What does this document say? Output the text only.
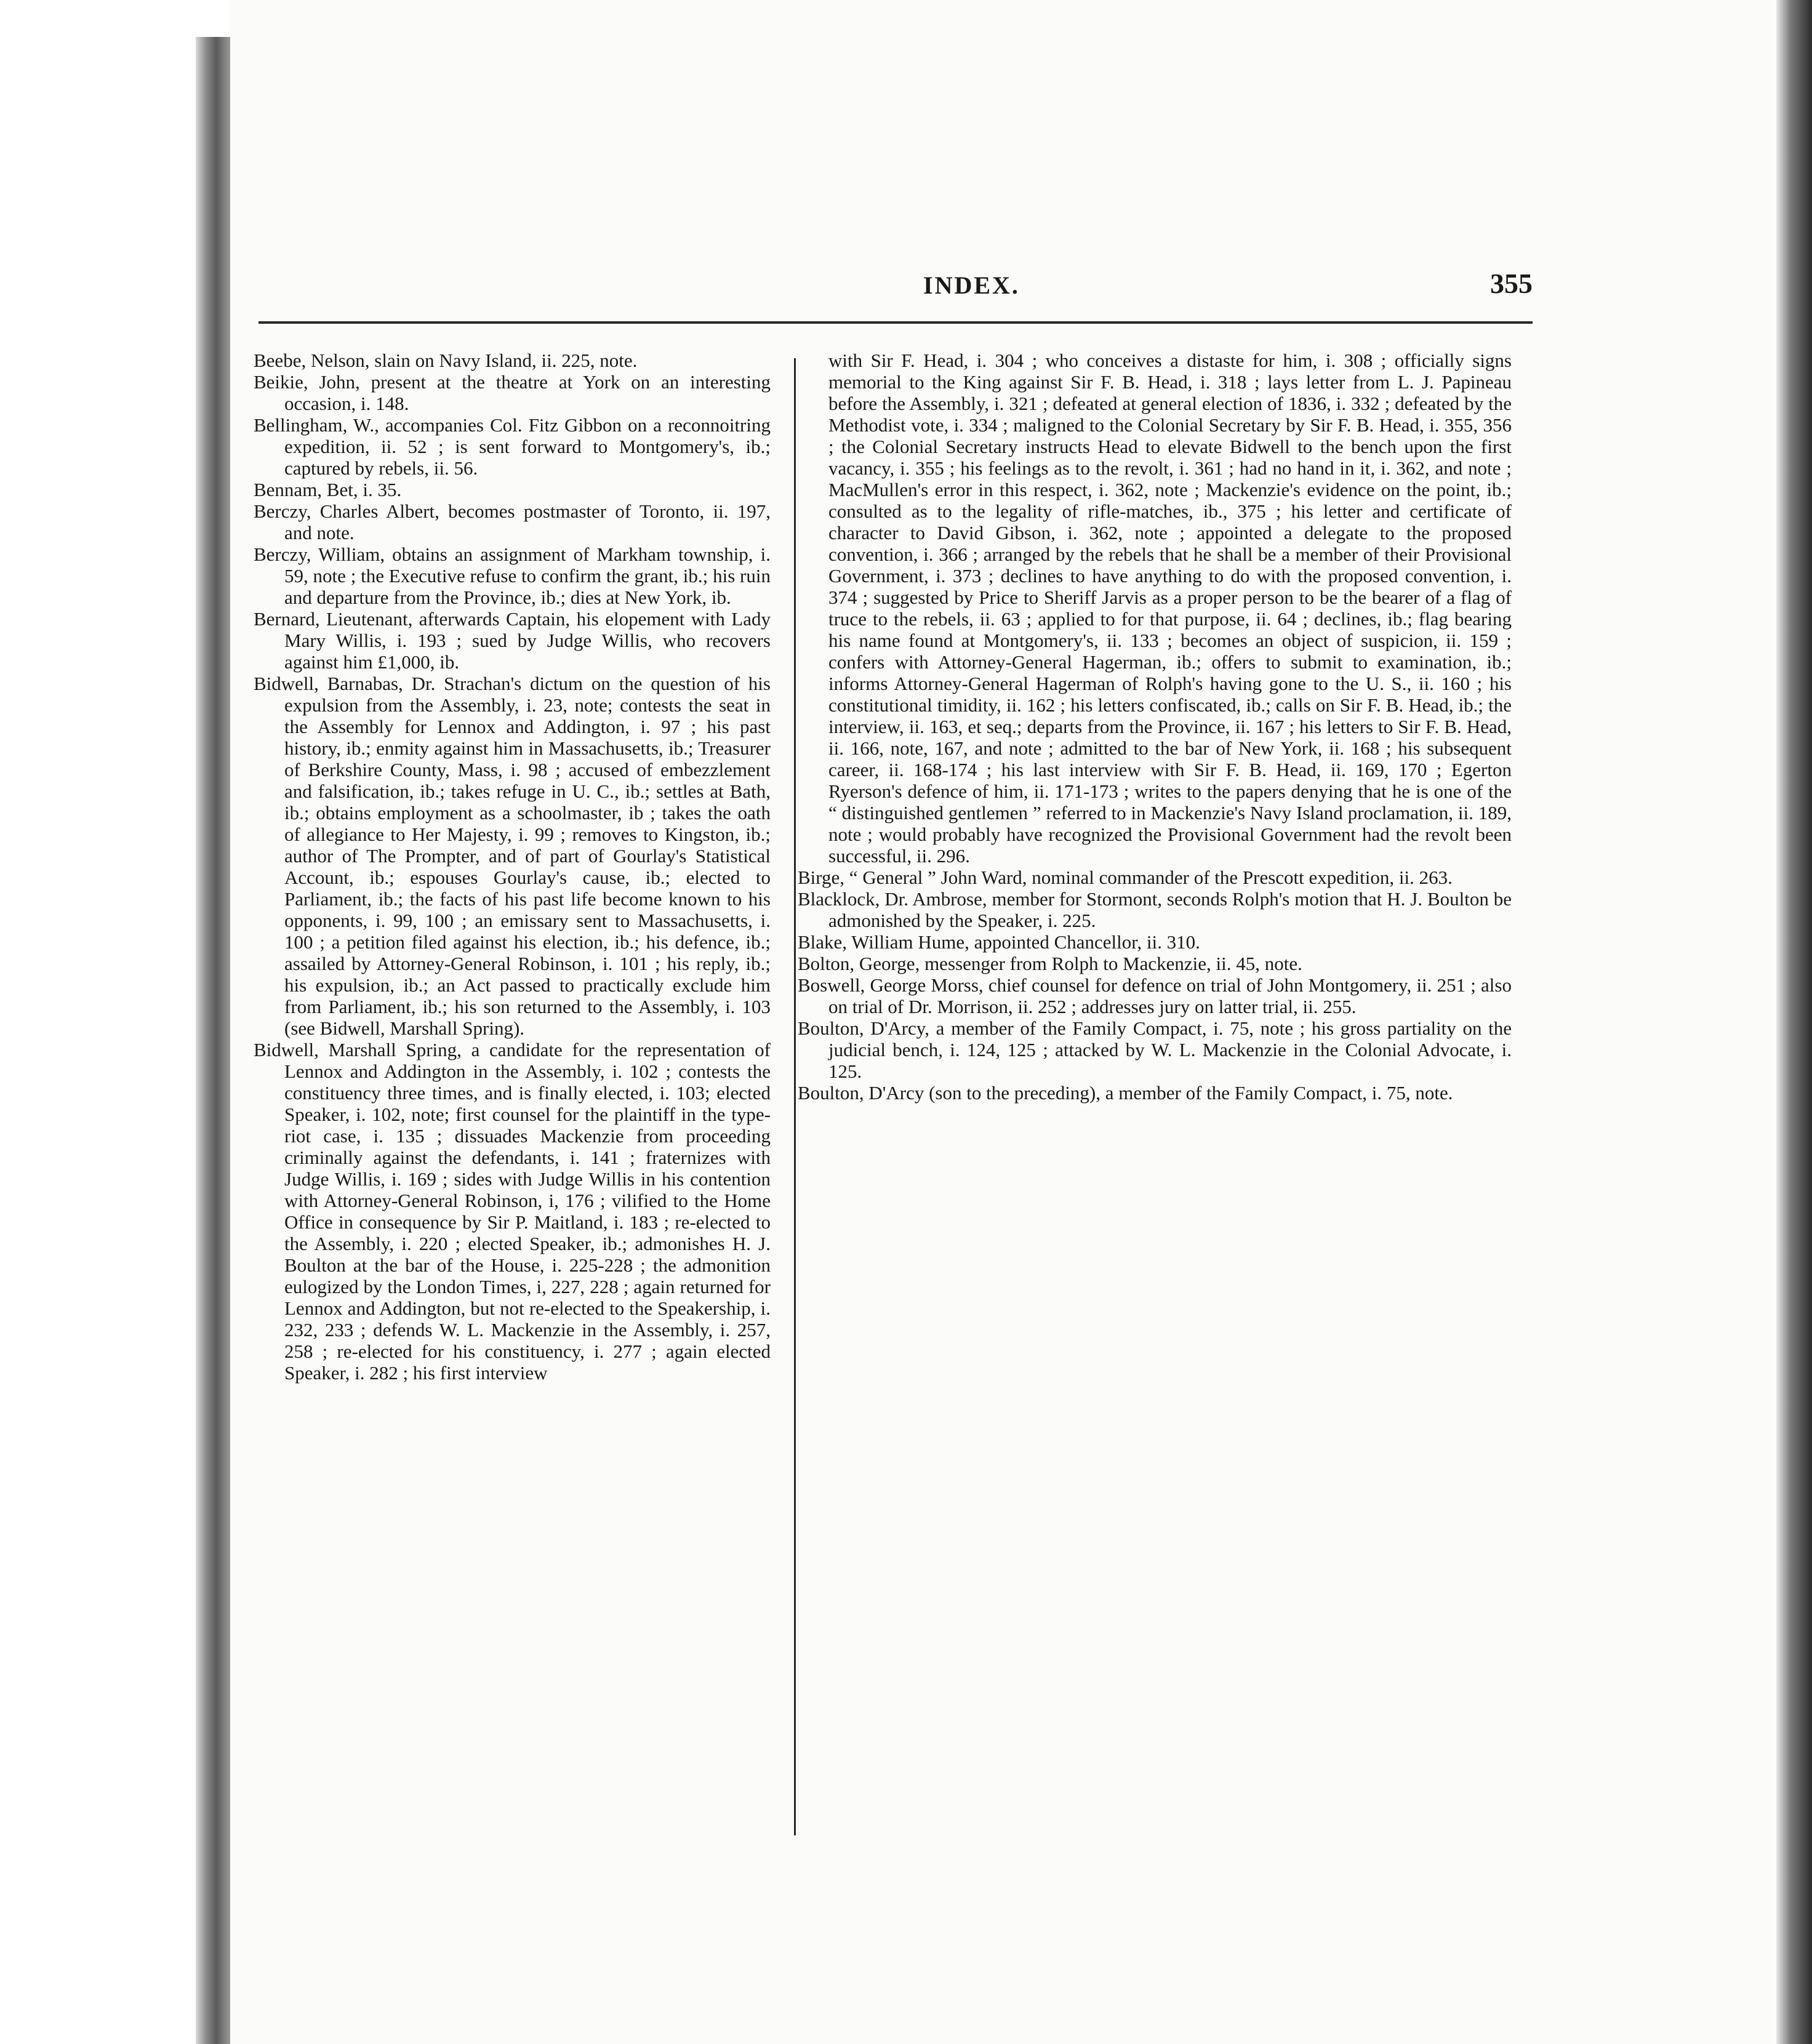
INDEX.	355

Beebe, Nelson, slain on Navy Island, ii. 225, note.

Beikie, John, present at the theatre at York on an interesting occasion, i. 148.

Bellingham, W., accompanies Col. Fitz Gibbon on a reconnoitring expedition, ii. 52 ; is sent forward to Montgomery's, ib.; captured by rebels, ii. 56.

Bennam, Bet, i. 35.

Berczy, Charles Albert, becomes postmaster of Toronto, ii. 197, and note.

Berczy, William, obtains an assignment of Markham township, i. 59, note ; the Executive refuse to confirm the grant, ib.; his ruin and departure from the Province, ib.; dies at New York, ib.

Bernard, Lieutenant, afterwards Captain, his elopement with Lady Mary Willis, i. 193 ; sued by Judge Willis, who recovers against him £1,000, ib.

Bidwell, Barnabas, Dr. Strachan's dictum on the question of his expulsion from the Assembly, i. 23, note; contests the seat in the Assembly for Lennox and Addington, i. 97 ; his past history, ib.; enmity against him in Massachusetts, ib.; Treasurer of Berkshire County, Mass, i. 98 ; accused of embezzlement and falsification, ib.; takes refuge in U. C., ib.; settles at Bath, ib.; obtains employment as a schoolmaster, ib ; takes the oath of allegiance to Her Majesty, i. 99 ; removes to Kingston, ib.; author of The Prompter, and of part of Gourlay's Statistical Account, ib.; espouses Gourlay's cause, ib.; elected to Parliament, ib.; the facts of his past life become known to his opponents, i. 99, 100 ; an emissary sent to Massachusetts, i. 100 ; a petition filed against his election, ib.; his defence, ib.; assailed by Attorney-General Robinson, i. 101 ; his reply, ib.; his expulsion, ib.; an Act passed to practically exclude him from Parliament, ib.; his son returned to the Assembly, i. 103 (see Bidwell, Marshall Spring).

Bidwell, Marshall Spring, a candidate for the representation of Lennox and Addington in the Assembly, i. 102 ; contests the constituency three times, and is finally elected, i. 103; elected Speaker, i. 102, note; first counsel for the plaintiff in the type-riot case, i. 135 ; dissuades Mackenzie from proceeding criminally against the defendants, i. 141 ; fraternizes with Judge Willis, i. 169 ; sides with Judge Willis in his contention with Attorney-General Robinson, i, 176 ; vilified to the Home Office in consequence by Sir P. Maitland, i. 183 ; re-elected to the Assembly, i. 220 ; elected Speaker, ib.; admonishes H. J. Boulton at the bar of the House, i. 225-228 ; the admonition eulogized by the London Times, i, 227, 228 ; again returned for Lennox and Addington, but not re-elected to the Speakership, i. 232, 233 ; defends W. L. Mackenzie in the Assembly, i. 257, 258 ; re-elected for his constituency, i. 277 ; again elected Speaker, i. 282 ; his first interview

with Sir F. Head, i. 304 ; who conceives a distaste for him, i. 308 ; officially signs memorial to the King against Sir F. B. Head, i. 318 ; lays letter from L. J. Papineau before the Assembly, i. 321 ; defeated at general election of 1836, i. 332 ; defeated by the Methodist vote, i. 334 ; maligned to the Colonial Secretary by Sir F. B. Head, i. 355, 356 ; the Colonial Secretary instructs Head to elevate Bidwell to the bench upon the first vacancy, i. 355 ; his feelings as to the revolt, i. 361 ; had no hand in it, i. 362, and note ; MacMullen's error in this respect, i. 362, note ; Mackenzie's evidence on the point, ib.; consulted as to the legality of rifle-matches, ib., 375 ; his letter and certificate of character to David Gibson, i. 362, note ; appointed a delegate to the proposed convention, i. 366 ; arranged by the rebels that he shall be a member of their Provisional Government, i. 373 ; declines to have anything to do with the proposed convention, i. 374 ; suggested by Price to Sheriff Jarvis as a proper person to be the bearer of a flag of truce to the rebels, ii. 63 ; applied to for that purpose, ii. 64 ; declines, ib.; flag bearing his name found at Montgomery's, ii. 133 ; becomes an object of suspicion, ii. 159 ; confers with Attorney-General Hagerman, ib.; offers to submit to examination, ib.; informs Attorney-General Hagerman of Rolph's having gone to the U. S., ii. 160 ; his constitutional timidity, ii. 162 ; his letters confiscated, ib.; calls on Sir F. B. Head, ib.; the interview, ii. 163, et seq.; departs from the Province, ii. 167 ; his letters to Sir F. B. Head, ii. 166, note, 167, and note ; admitted to the bar of New York, ii. 168 ; his subsequent career, ii. 168-174 ; his last interview with Sir F. B. Head, ii. 169, 170 ; Egerton Ryerson's defence of him, ii. 171-173 ; writes to the papers denying that he is one of the “ distinguished gentlemen ” referred to in Mackenzie's Navy Island proclamation, ii. 189, note ; would probably have recognized the Provisional Government had the revolt been successful, ii. 296.

Birge, “ General ” John Ward, nominal commander of the Prescott expedition, ii. 263.

Blacklock, Dr. Ambrose, member for Stormont, seconds Rolph's motion that H. J. Boulton be admonished by the Speaker, i. 225.

Blake, William Hume, appointed Chancellor, ii. 310.

Bolton, George, messenger from Rolph to Mackenzie, ii. 45, note.

Boswell, George Morss, chief counsel for defence on trial of John Montgomery, ii. 251 ; also on trial of Dr. Morrison, ii. 252 ; addresses jury on latter trial, ii. 255.

Boulton, D'Arcy, a member of the Family Compact, i. 75, note ; his gross partiality on the judicial bench, i. 124, 125 ; attacked by W. L. Mackenzie in the Colonial Advocate, i. 125.

Boulton, D'Arcy (son to the preceding), a member of the Family Compact, i. 75, note.
